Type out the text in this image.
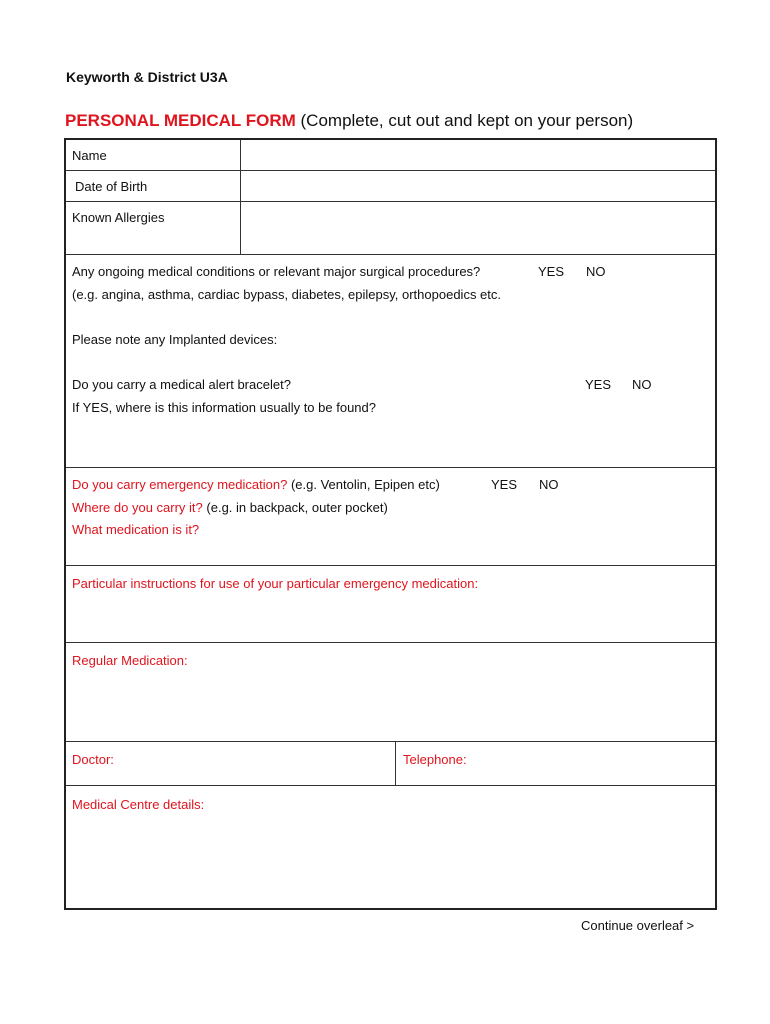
Keyworth & District U3A
PERSONAL MEDICAL FORM (Complete, cut out and kept on your person)
Name
Date of Birth
Known Allergies
Any ongoing medical conditions or relevant major surgical procedures?	YES NO
(e.g. angina, asthma, cardiac bypass, diabetes, epilepsy, orthopoedics etc.
Please note any Implanted devices:
Do you carry a medical alert bracelet?	YES NO
If YES, where is this information usually to be found?
Do you carry emergency medication? (e.g. Ventolin, Epipen etc)	YES NO
Where do you carry it? (e.g. in backpack, outer pocket)
What medication is it?
Particular instructions for use of your particular emergency medication:
Regular Medication:
Doctor:	Telephone:
Medical Centre details:
Continue overleaf >
